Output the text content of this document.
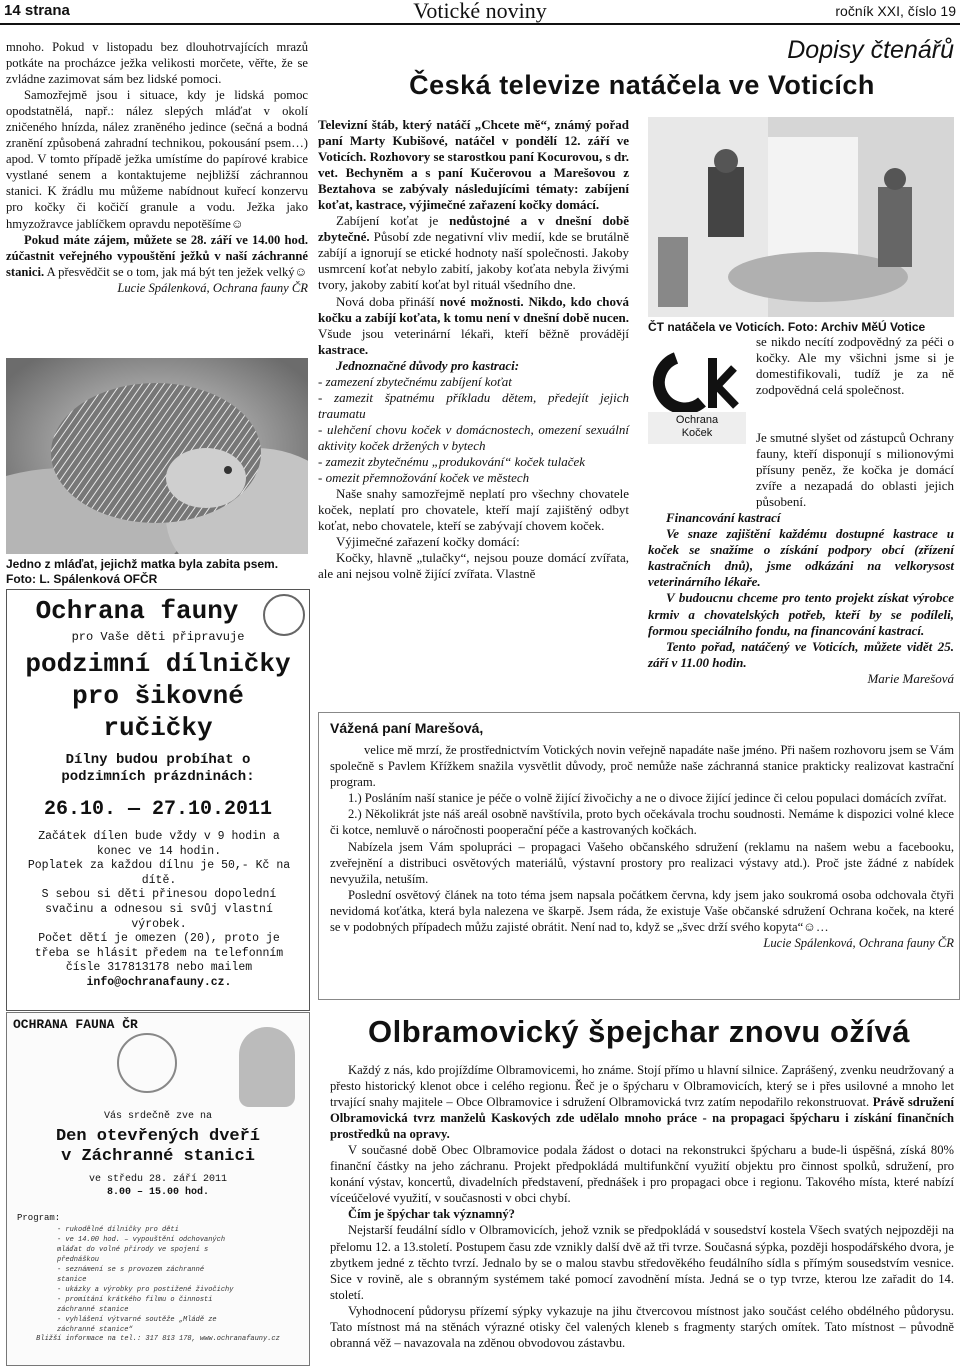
14 strana	Votické noviny	ročník XXI, číslo 19

mnoho. Pokud v listopadu bez dlouhotrvajících mrazů potkáte na procházce ježka velikosti morčete, věřte, že se zvládne zazimovat sám bez lidské pomoci.

Samozřejmě jsou i situace, kdy je lidská pomoc opodstatnělá, např.: nález slepých mláďat v okolí zničeného hnízda, nález zraněného jedince (sečná a bodná zranění způsobená zahradní technikou, pokousání psem…) apod. V tomto případě ježka umístíme do papírové krabice vystlané senem a kontaktujeme nejbližší záchrannou stanici. K žrádlu mu můžeme nabídnout kuřecí konzervu pro kočky či kočičí granule a vodu. Ježka jako hmyzožravce jablíčkem opravdu nepotěšíme☺

Pokud máte zájem, můžete se 28. září ve 14.00 hod. zúčastnit veřejného vypouštění ježků v naší záchranné stanici. A přesvědčit se o tom, jak má být ten ježek velký☺

Lucie Spálenková, Ochrana fauny ČR

Jedno z mláďat, jejichž matka byla zabita psem. Foto: L. Spálenková OFČR
Ochrana fauny
pro Vaše děti připravuje
podzimní dílničky
pro šikovné
ručičky
Dílny budou probíhat o
podzimních prázdninách:
26.10. — 27.10.2011
Začátek dílen bude vždy v 9 hodin a konec ve 14 hodin.
Poplatek za každou dílnu je 50,- Kč na dítě.
S sebou si děti přinesou dopolední svačinu a odnesou si svůj vlastní výrobek.
Počet dětí je omezen (20), proto je třeba se hlásit předem na telefonním čísle 317813178 nebo mailem
info@ochranafauny.cz.
OCHRANA FAUNA ČR
Vás srdečně zve na
Den otevřených dveří
v Záchranné stanici
ve středu 28. září 2011
8.00 – 15.00 hod.
Program:
- rukodělné dílničky pro děti
- ve 14.00 hod. – vypouštění odchovaných mláďat do volné přírody ve spojení s přednáškou
- seznámení se s provozem záchranné stanice
- ukázky a výrobky pro postižené živočichy
- promítání krátkého filmu o činnosti záchranné stanice
- vyhlášení výtvarné soutěže „Mládě ze záchranné stanice“
Bližší informace na tel.: 317 813 178, www.ochranafauny.cz
Dopisy čtenářů
Česká televize natáčela ve Voticích

Televizní štáb, který natáčí „Chcete mě“, známý pořad paní Marty Kubišové, natáčel v pondělí 12. září ve Voticích. Rozhovory se starostkou paní Kocurovou, s dr. vet. Bechyněm a s paní Kučerovou a Marešovou z Beztahova se zabývaly následujícími tématy: zabíjení koťat, kastrace, výjimečné zařazení kočky domácí.

Zabíjení koťat je nedůstojné a v dnešní době zbytečné. Působí zde negativní vliv medií, kde se brutálně zabíjí a ignorují se etické hodnoty naší společnosti. Jakoby usmrcení koťat nebylo zabití, jakoby koťata nebyla živými tvory, jakoby zabití koťat byl rituál všedního dne.

Nová doba přináší nové možnosti. Nikdo, kdo chová kočku a zabíjí koťata, k tomu není v dnešní době nucen. Všude jsou veterinární lékaři, kteří běžně provádějí kastrace.

Jednoznačné důvody pro kastraci:

- zamezení zbytečnému zabíjení koťat

- zamezit špatnému příkladu dětem, předejít jejich traumatu

- ulehčení chovu koček v domácnostech, omezení sexuální aktivity koček držených v bytech

- zamezit zbytečnému „produkování“ koček tulaček

- omezit přemnožování koček ve městech

Naše snahy samozřejmě neplatí pro všechny chovatele koček, neplatí pro chovatele, kteří mají zajištěný odbyt koťat, nebo chovatele, kteří se zabývají chovem koček.

Výjimečné zařazení kočky domácí:

Kočky, hlavně „tulačky“, nejsou pouze domácí zvířata, ale ani nejsou volně žijící zvířata. Vlastně

ČT natáčela ve Voticích. Foto: Archiv MěÚ Votice
Ochrana
Koček

se nikdo necítí zodpovědný za péči o kočky. Ale my všichni jsme si je domestifikovali, tudíž je za ně zodpovědná celá společnost.

Je smutné slyšet od zástupců Ochrany fauny, kteří disponují s milionovými přísuny peněz, že kočka je domácí zvíře a nezapadá do oblasti jejich působení.

Financování kastrací

Ve snaze zajištění každému dostupné kastrace u koček se snažíme o získání podpory obcí (zřízení kastračních dnů), jsme odkázáni na velkorysost veterinárního lékaře.

V budoucnu chceme pro tento projekt získat výrobce krmiv a chovatelských potřeb, kteří by se podíleli, formou speciálního fondu, na financování kastrací.

Tento pořad, natáčený ve Voticích, můžete vidět 25. září v 11.00 hodin.

Marie Marešová

Vážená paní Marešová,

velice mě mrzí, že prostřednictvím Votických novin veřejně napadáte naše jméno. Při našem rozhovoru jsem se Vám společně s Pavlem Křížkem snažila vysvětlit důvody, proč nemůže naše záchranná stanice prakticky realizovat kastrační program.

1.) Posláním naší stanice je péče o volně žijící živočichy a ne o divoce žijící jedince či celou populaci domácích zvířat.

2.) Několikrát jste náš areál osobně navštívila, proto bych očekávala trochu soudnosti. Nemáme k dispozici volné klece či kotce, nemluvě o náročnosti pooperační péče a kastrovaných kočkách.

Nabízela jsem Vám spolupráci – propagaci Vašeho občanského sdružení (reklamu na našem webu a facebooku, zveřejnění a distribuci osvětových materiálů, výstavní prostory pro realizaci výstavy atd.). Proč jste žádné z nabídek nevyužila, netuším.

Poslední osvětový článek na toto téma jsem napsala počátkem června, kdy jsem jako soukromá osoba odchovala čtyři nevidomá koťátka, která byla nalezena ve škarpě. Jsem ráda, že existuje Vaše občanské sdružení Ochrana koček, na které se v podobných případech můžu zajisté obrátit. Není nad to, když se „švec drží svého kopyta“☺…

Lucie Spálenková, Ochrana fauny ČR

Olbramovický špejchar znovu ožívá

Každý z nás, kdo projíždíme Olbramovicemi, ho známe. Stojí přímo u hlavní silnice. Zaprášený, zvenku neudržovaný a přesto historický klenot obce i celého regionu. Řeč je o špýcharu v Olbramovicích, který se i přes usilovné a mnoho let trvající snahy majitele – Obce Olbramovice i sdružení Olbramovická tvrz zatím nepodařilo rekonstruovat. Právě sdružení Olbramovická tvrz manželů Kaskových zde udělalo mnoho práce - na propagaci špýcharu i získání finančních prostředků na opravy.

V současné době Obec Olbramovice podala žádost o dotaci na rekonstrukci špýcharu a bude-li úspěšná, získá 80% finanční částky na jeho záchranu. Projekt předpokládá multifunkční využití objektu pro činnost spolků, sdružení, pro konání výstav, koncertů, divadelních představení, přednášek i pro propagaci obce i regionu. Takového místa, které nabízí víceúčelové využití, v současnosti v obci chybí.

Čím je špýchar tak významný?

Nejstarší feudální sídlo v Olbramovicích, jehož vznik se předpokládá v sousedství kostela Všech svatých nejpozději na přelomu 12. a 13.století. Postupem času zde vznikly další dvě až tři tvrze. Současná sýpka, později hospodářského dvora, je zbytkem jedné z těchto tvrzí. Jednalo by se o malou stavbu středověkého feudálního sídla s přímým sousedstvím vesnice. Sice v rovině, ale s obranným systémem také pomocí zavodnění místa. Jedná se o typ tvrze, kterou lze zařadit do 14. století.

Vyhodnocení půdorysu přízemí sýpky vykazuje na jihu čtvercovou místnost jako součást celého obdélného půdorysu. Tato místnost má na stěnách výrazné otisky čel valených kleneb s fragmenty starých omítek. Tato místnost – původně obranná věž – navazovala na zděnou obvodovou zástavbu.
